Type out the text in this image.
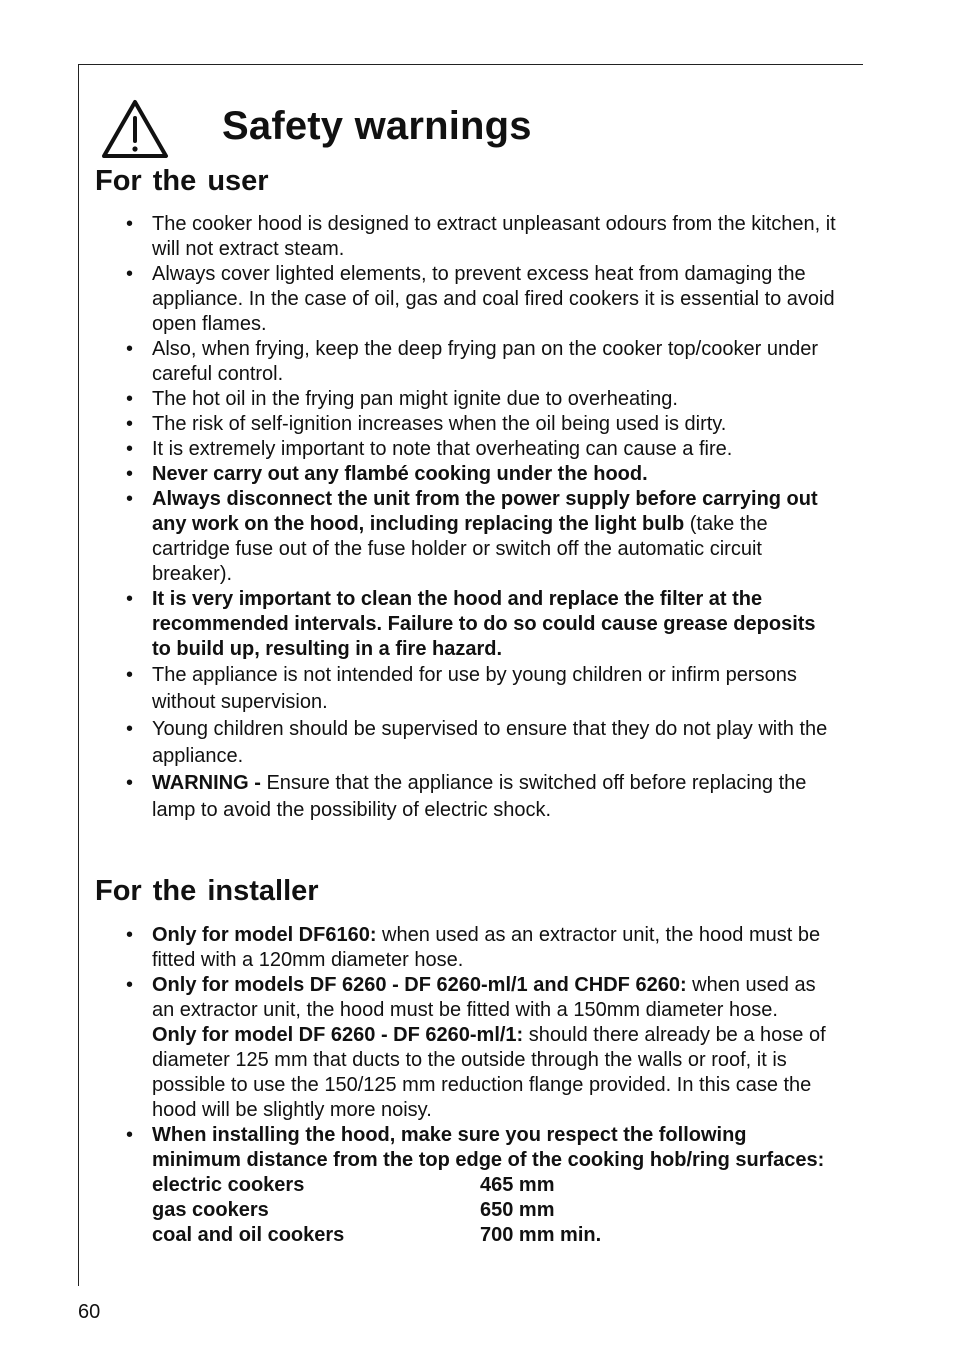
Safety warnings
For the user
• The cooker hood is designed to extract unpleasant odours from the kitchen, it will not extract steam.
• Always cover lighted elements, to prevent excess heat from damaging the appliance. In the case of oil, gas and coal fired cookers it is essential to avoid open flames.
• Also, when frying, keep the deep frying pan on the cooker top/cooker under careful control.
• The hot oil in the frying pan might ignite due to overheating.
• The risk of self-ignition increases when the oil being used is dirty.
• It is extremely important to note that overheating can cause a fire.
• Never carry out any flambé cooking under the hood.
• Always disconnect the unit from the power supply before carrying out any work on the hood, including replacing the light bulb (take the cartridge fuse out of the fuse holder or switch off the automatic circuit breaker).
• It is very important to clean the hood and replace the filter at the recommended intervals. Failure to do so could cause grease deposits to build up, resulting in a fire hazard.
• The appliance is not intended for use by young children or infirm persons without supervision.
• Young children should be supervised to ensure that they do not play with the appliance.
• WARNING - Ensure that the appliance is switched off before replacing the lamp to avoid the possibility of electric shock.
For the installer
• Only for model DF6160: when used as an extractor unit, the hood must be fitted with a 120mm diameter hose.
• Only for models DF 6260 - DF 6260-ml/1 and CHDF 6260: when used as an extractor unit, the hood must be fitted with a 150mm diameter hose.
Only for model DF 6260 - DF 6260-ml/1: should there already be a hose of diameter 125 mm that ducts to the outside through the walls or roof, it is possible to use the 150/125 mm reduction flange provided. In this case the hood will be slightly more noisy.
• When installing the hood, make sure you respect the following minimum distance from the top edge of the cooking hob/ring surfaces:
electric cookers	465 mm
gas cookers	650 mm
coal and oil cookers	700 mm min.
60
